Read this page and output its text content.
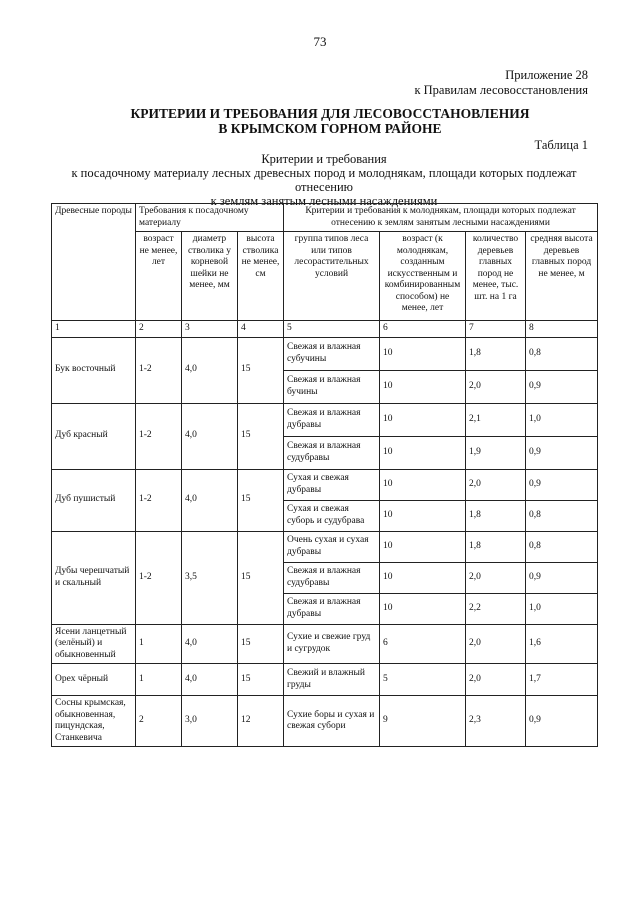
73
Приложение 28
к Правилам лесовосстановления
КРИТЕРИИ И ТРЕБОВАНИЯ ДЛЯ ЛЕСОВОССТАНОВЛЕНИЯ
В КРЫМСКОМ ГОРНОМ РАЙОНЕ
Таблица 1
Критерии и требования
к посадочному материалу лесных древесных пород и молоднякам, площади которых подлежат отнесению
к землям занятым лесными насаждениями
Древесные породы	Требования к посадочному материалу			Критерии и требования к молоднякам, площади которых подлежат отнесению к землям занятым лесными насаждениями			
	возраст не менее, лет	диаметр стволика у корневой шейки не менее, мм	высота стволика не менее, см	группа типов леса или типов лесорастительных условий	возраст (к молоднякам, созданным искусственным и комбинированным способом) не менее, лет	количество деревьев главных пород не менее, тыс. шт. на 1 га	средняя высота деревьев главных пород не менее, м
1	2	3	4	5	6	7	8
Бук восточный	1-2	4,0	15	Свежая и влажная субучины	10	1,8	0,8
				Свежая и влажная бучины	10	2,0	0,9
Дуб красный	1-2	4,0	15	Свежая и влажная дубравы	10	2,1	1,0
				Свежая и влажная судубравы	10	1,9	0,9
Дуб пушистый	1-2	4,0	15	Сухая и свежая дубравы	10	2,0	0,9
				Сухая и свежая суборь и судубрава	10	1,8	0,8
Дубы черешчатый и скальный	1-2	3,5	15	Очень сухая и сухая дубравы	10	1,8	0,8
				Свежая и влажная судубравы	10	2,0	0,9
				Свежая и влажная дубравы	10	2,2	1,0
Ясени ланцетный (зелёный) и обыкновенный	1	4,0	15	Сухие и свежие груд и сугрудок	6	2,0	1,6
Орех чёрный	1	4,0	15	Свежий и влажный груды	5	2,0	1,7
Сосны крымская, обыкновенная, пицундская, Станкевича	2	3,0	12	Сухие боры и сухая и свежая субори	9	2,3	0,9
